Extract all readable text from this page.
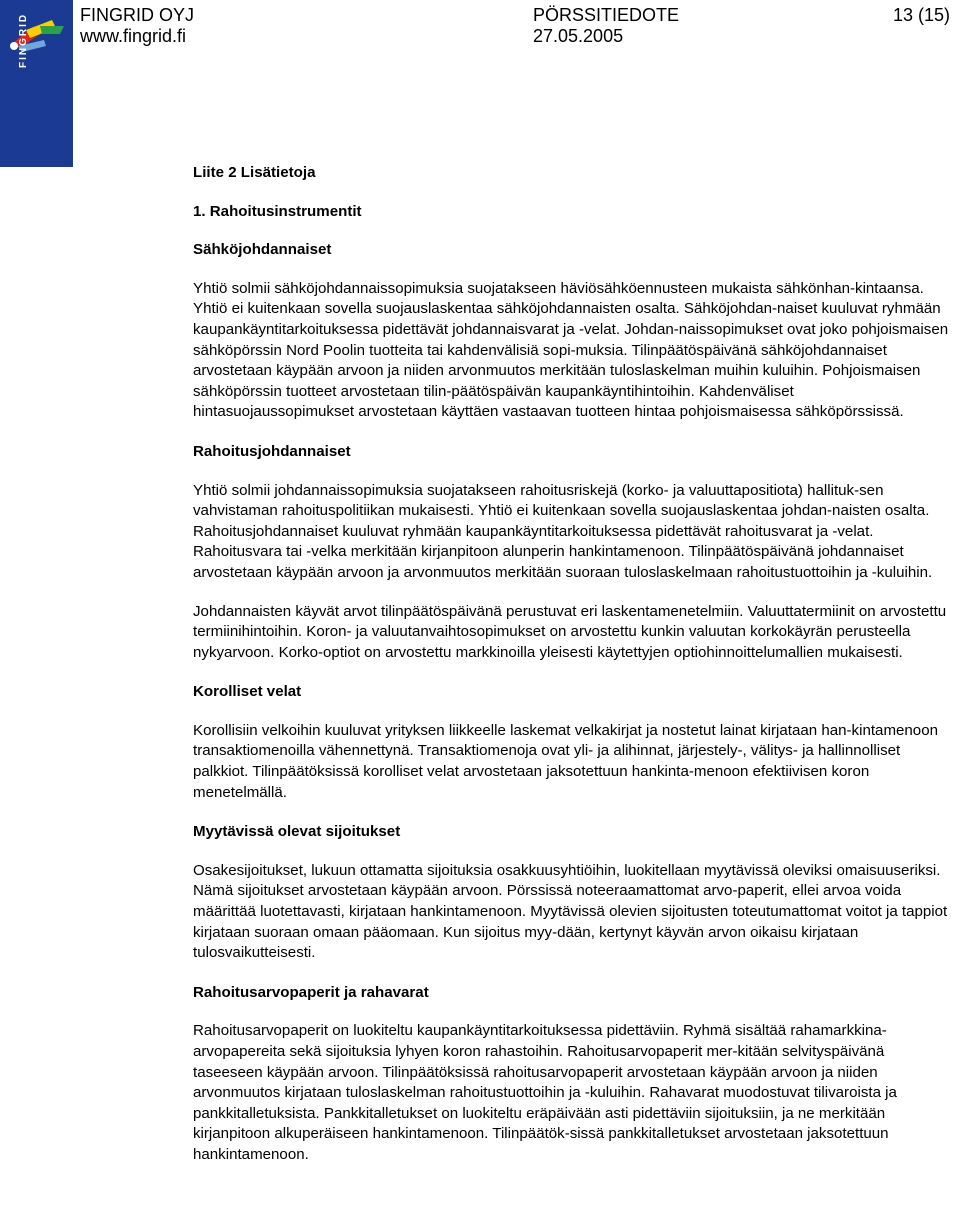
FINGRID	FINGRID OYJ
www.fingrid.fi
PÖRSSITIEDOTE
27.05.2005
13 (15)

Liite 2 Lisätietoja

1. Rahoitusinstrumentit

Sähköjohdannaiset

Yhtiö solmii sähköjohdannaissopimuksia suojatakseen häviösähköennusteen mukaista sähkönhan-kintaansa. Yhtiö ei kuitenkaan sovella suojauslaskentaa sähköjohdannaisten osalta. Sähköjohdan-naiset kuuluvat ryhmään kaupankäyntitarkoituksessa pidettävät johdannaisvarat ja -velat. Johdan-naissopimukset ovat joko pohjoismaisen sähköpörssin Nord Poolin tuotteita tai kahdenvälisiä sopi-muksia. Tilinpäätöspäivänä sähköjohdannaiset arvostetaan käypään arvoon ja niiden arvonmuutos merkitään tuloslaskelman muihin kuluihin. Pohjoismaisen sähköpörssin tuotteet arvostetaan tilin-päätöspäivän kaupankäyntihintoihin. Kahdenväliset hintasuojaussopimukset arvostetaan käyttäen vastaavan tuotteen hintaa pohjoismaisessa sähköpörssissä.

Rahoitusjohdannaiset

Yhtiö solmii johdannaissopimuksia suojatakseen rahoitusriskejä (korko- ja valuuttapositiota) hallituk-sen vahvistaman rahoituspolitiikan mukaisesti. Yhtiö ei kuitenkaan sovella suojauslaskentaa johdan-naisten osalta. Rahoitusjohdannaiset kuuluvat ryhmään kaupankäyntitarkoituksessa pidettävät rahoitusvarat ja -velat. Rahoitusvara tai -velka merkitään kirjanpitoon alunperin hankintamenoon. Tilinpäätöspäivänä johdannaiset arvostetaan käypään arvoon ja arvonmuutos merkitään suoraan tuloslaskelmaan rahoitustuottoihin ja -kuluihin.

Johdannaisten käyvät arvot tilinpäätöspäivänä perustuvat eri laskentamenetelmiin. Valuuttatermiinit on arvostettu termiinihintoihin. Koron- ja valuutanvaihtosopimukset on arvostettu kunkin valuutan korkokäyrän perusteella nykyarvoon. Korko-optiot on arvostettu markkinoilla yleisesti käytettyjen optiohinnoittelumallien mukaisesti.

Korolliset velat

Korollisiin velkoihin kuuluvat yrityksen liikkeelle laskemat velkakirjat ja nostetut lainat kirjataan han-kintamenoon transaktiomenoilla vähennettynä. Transaktiomenoja ovat yli- ja alihinnat, järjestely-, välitys- ja hallinnolliset palkkiot. Tilinpäätöksissä korolliset velat arvostetaan jaksotettuun hankinta-menoon efektiivisen koron menetelmällä.

Myytävissä olevat sijoitukset

Osakesijoitukset, lukuun ottamatta sijoituksia osakkuusyhtiöihin, luokitellaan myytävissä oleviksi omaisuuseriksi. Nämä sijoitukset arvostetaan käypään arvoon. Pörssissä noteeraamattomat arvo-paperit, ellei arvoa voida määrittää luotettavasti, kirjataan hankintamenoon. Myytävissä olevien sijoitusten toteutumattomat voitot ja tappiot kirjataan suoraan omaan pääomaan. Kun sijoitus myy-dään, kertynyt käyvän arvon oikaisu kirjataan tulosvaikutteisesti.

Rahoitusarvopaperit ja rahavarat

Rahoitusarvopaperit on luokiteltu kaupankäyntitarkoituksessa pidettäviin. Ryhmä sisältää rahamarkkina-arvopapereita sekä sijoituksia lyhyen koron rahastoihin. Rahoitusarvopaperit mer-kitään selvityspäivänä taseeseen käypään arvoon. Tilinpäätöksissä rahoitusarvopaperit arvostetaan käypään arvoon ja niiden arvonmuutos kirjataan tuloslaskelman rahoitustuottoihin ja -kuluihin. Rahavarat muodostuvat tilivaroista ja pankkitalletuksista. Pankkitalletukset on luokiteltu eräpäivään asti pidettäviin sijoituksiin, ja ne merkitään kirjanpitoon alkuperäiseen hankintamenoon. Tilinpäätök-sissä pankkitalletukset arvostetaan jaksotettuun hankintamenoon.
